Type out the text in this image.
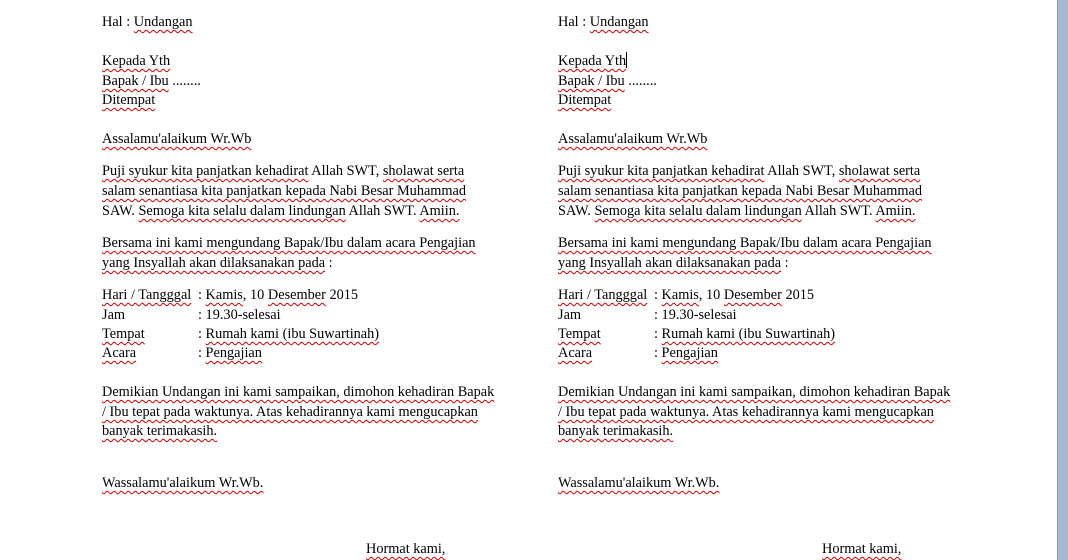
Hal : Undangan
Kepada Yth
Bapak / Ibu ........
Ditempat
Assalamu'alaikum Wr.Wb
Puji syukur kita panjatkan kehadirat Allah SWT, sholawat serta
salam senantiasa kita panjatkan kepada Nabi Besar Muhammad
SAW. Semoga kita selalu dalam lindungan Allah SWT. Amiin.
Bersama ini kami mengundang Bapak/Ibu dalam acara Pengajian
yang Insyallah akan dilaksanakan pada :
Hari / Tangggal : Kamis, 10 Desember 2015
Jam	: 19.30-selesai
Tempat	: Rumah kami (ibu Suwartinah)
Acara	: Pengajian
Demikian Undangan ini kami sampaikan, dimohon kehadiran Bapak
/ Ibu tepat pada waktunya. Atas kehadirannya kami mengucapkan
banyak terimakasih.
Wassalamu'alaikum Wr.Wb.
Hormat kami,
Hal : Undangan
Kepada Yth
Bapak / Ibu ........
Ditempat
Assalamu'alaikum Wr.Wb
Puji syukur kita panjatkan kehadirat Allah SWT, sholawat serta
salam senantiasa kita panjatkan kepada Nabi Besar Muhammad
SAW. Semoga kita selalu dalam lindungan Allah SWT. Amiin.
Bersama ini kami mengundang Bapak/Ibu dalam acara Pengajian
yang Insyallah akan dilaksanakan pada :
Hari / Tangggal : Kamis, 10 Desember 2015
Jam	: 19.30-selesai
Tempat	: Rumah kami (ibu Suwartinah)
Acara	: Pengajian
Demikian Undangan ini kami sampaikan, dimohon kehadiran Bapak
/ Ibu tepat pada waktunya. Atas kehadirannya kami mengucapkan
banyak terimakasih.
Wassalamu'alaikum Wr.Wb.
Hormat kami,
